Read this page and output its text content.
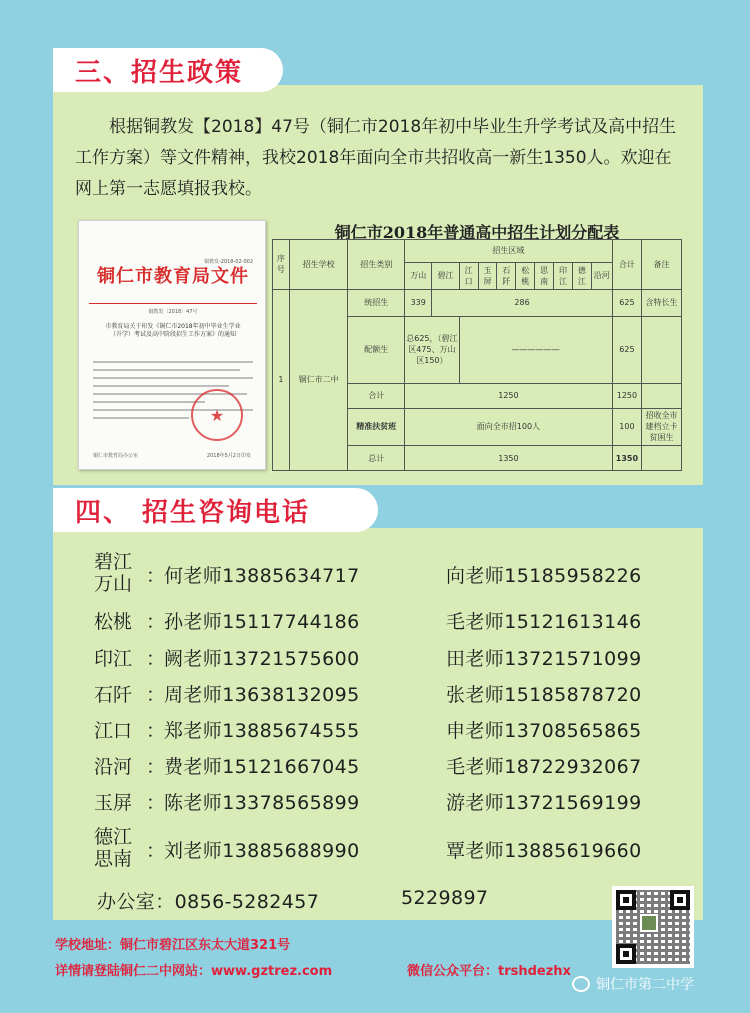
三、招生政策

根据铜教发【2018】47号（铜仁市2018年初中毕业生升学考试及高中招生工作方案）等文件精神，我校2018年面向全市共招收高一新生1350人。欢迎在网上第一志愿填报我校。

铜教发-2018-02-002
铜仁市教育局文件
铜教发〔2018〕47号
市教育局关于印发《铜仁市2018年初中毕业生学业（升学）考试及高中阶段招生工作方案》的通知
★
铜仁市教育局办公室	2018年5月2日印发
铜仁市2018年普通高中招生计划分配表
序号	招生学校	招生类别	招生区域										合计	备注
			万山	碧江	江口	玉屏	石阡	松桃	思南	印江	德江	沿河		
1	铜仁市二中	统招生	339	286									625	含特长生
		配额生	总625，（碧江区475、万山区150）		——————								625	
		合计	1250										1250	
		精准扶贫班	面向全市招100人										100	招收全市建档立卡贫困生
		总计	1350										1350	
四、 招生咨询电话
碧江
万山 ：
何老师13885634717	向老师15185958226
松桃 ：
孙老师15117744186	毛老师15121613146
印江 ：
阙老师13721575600	田老师13721571099
石阡 ：
周老师13638132095	张老师15185878720
江口 ：
郑老师13885674555	申老师13708565865
沿河 ：
费老师15121667045	毛老师18722932067
玉屏 ：
陈老师13378565899	游老师13721569199
德江
思南 ：
刘老师13885688990	覃老师13885619660
办公室：0856-5282457	5229897
学校地址：铜仁市碧江区东太大道321号
详情请登陆铜仁二中网站：www.gztrez.com	微信公众平台：trshdezhx
铜仁市第二中学
